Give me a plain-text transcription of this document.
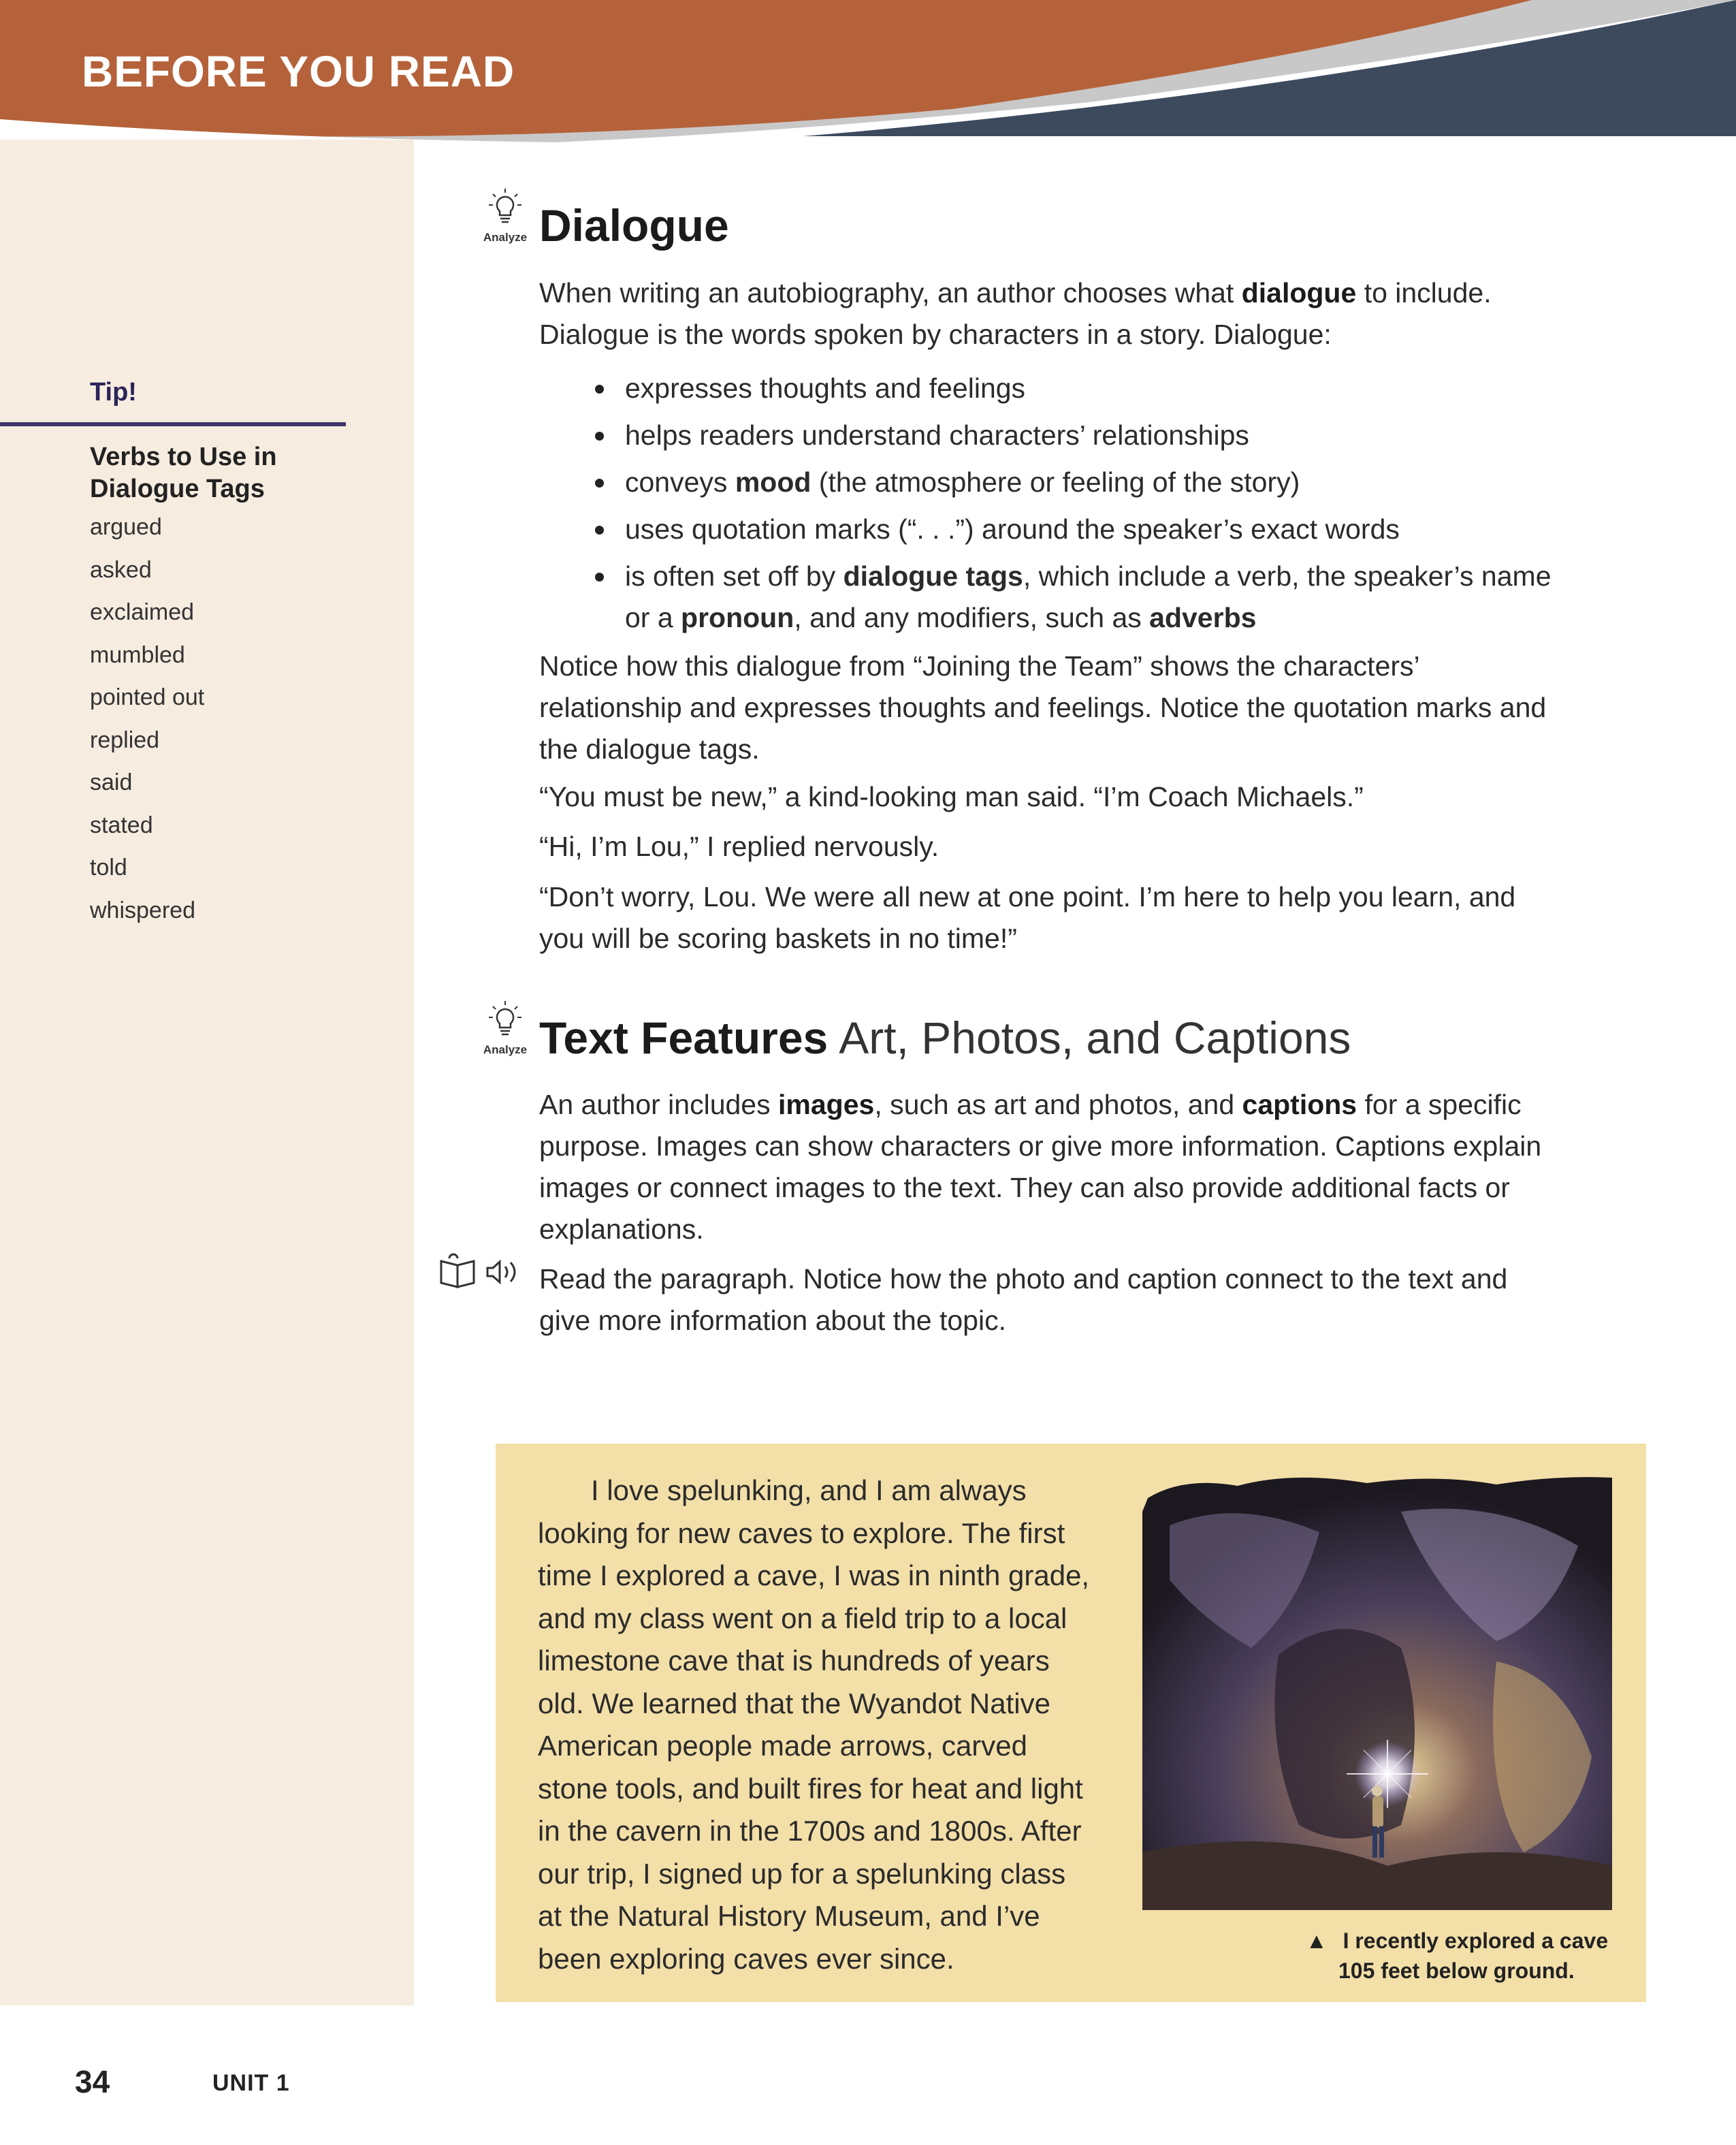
BEFORE YOU READ
Tip!
Verbs to Use in Dialogue Tags
argued
asked
exclaimed
mumbled
pointed out
replied
said
stated
told
whispered
Analyze Dialogue
When writing an autobiography, an author chooses what dialogue to include. Dialogue is the words spoken by characters in a story. Dialogue:
expresses thoughts and feelings
helps readers understand characters’ relationships
conveys mood (the atmosphere or feeling of the story)
uses quotation marks (“. . .”) around the speaker’s exact words
is often set off by dialogue tags, which include a verb, the speaker’s name or a pronoun, and any modifiers, such as adverbs
Notice how this dialogue from “Joining the Team” shows the characters’ relationship and expresses thoughts and feelings. Notice the quotation marks and the dialogue tags.
“You must be new,” a kind-looking man said. “I’m Coach Michaels.”
“Hi, I’m Lou,” I replied nervously.
“Don’t worry, Lou. We were all new at one point. I’m here to help you learn, and you will be scoring baskets in no time!”
Analyze Text Features Art, Photos, and Captions
An author includes images, such as art and photos, and captions for a specific purpose. Images can show characters or give more information. Captions explain images or connect images to the text. They can also provide additional facts or explanations.
Read the paragraph. Notice how the photo and caption connect to the text and give more information about the topic.

I love spelunking, and I am always looking for new caves to explore. The first time I explored a cave, I was in ninth grade, and my class went on a field trip to a local limestone cave that is hundreds of years old. We learned that the Wyandot Native American people made arrows, carved stone tools, and built fires for heat and light in the cavern in the 1700s and 1800s. After our trip, I signed up for a spelunking class at the Natural History Museum, and I’ve been exploring caves ever since.

▲ I recently explored a cave
105 feet below ground.
34	UNIT 1
